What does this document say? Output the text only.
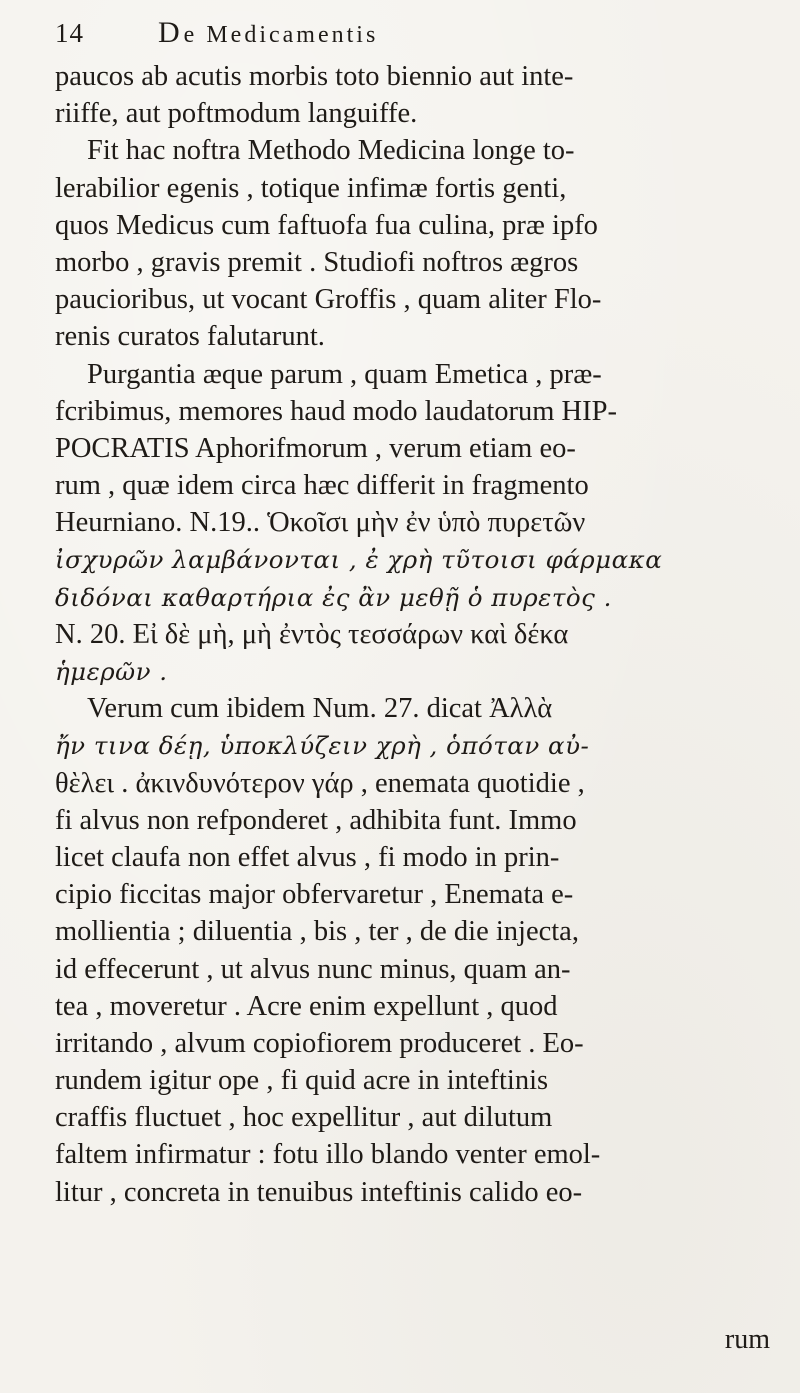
14 De Medicamentis
paucos ab acutis morbis toto biennio aut inte-
riiffe, aut poftmodum languiffe.
Fit hac noftra Methodo Medicina longe to-
lerabilior egenis , totique infimæ fortis genti,
quos Medicus cum faftuofa fua culina, præ ipfo
morbo , gravis premit . Studiofi noftros ægros
paucioribus, ut vocant Groffis , quam aliter Flo-
renis curatos falutarunt.
Purgantia æque parum , quam Emetica , præ-
fcribimus, memores haud modo laudatorum HIP-
POCRATIS Aphorifmorum , verum etiam eo-
rum , quæ idem circa hæc differit in fragmento
Heurniano. N.19.. Ὁκοῖσι μὴν ἐν ὑπὸ πυρετῶν
ἰσχυρῶν λαμβάνονται , ἐ χρὴ τῦτοισι φάρμακα
διδόναι καθαρτήρια ἐς ἂν μεθῇ ὁ πυρετὸς .
N. 20. Εἰ δὲ μὴ, μὴ ἐντὸς τεσσάρων καὶ δέκα
ἡμερῶν .
Verum cum ibidem Num. 27. dicat Ἀλλὰ
ἤν τινα δέῃ, ὑποκλύζειν χρὴ , ὁπόταν αὐ-
θὲλει . ἀκινδυνότερον γάρ , enemata quotidie ,
fi alvus non refponderet , adhibita funt. Immo
licet claufa non effet alvus , fi modo in prin-
cipio ficcitas major obfervaretur , Enemata e-
mollientia ; diluentia , bis , ter , de die injecta,
id effecerunt , ut alvus nunc minus, quam an-
tea , moveretur . Acre enim expellunt , quod
irritando , alvum copiofiorem produceret . Eo-
rundem igitur ope , fi quid acre in inteftinis
craffis fluctuet , hoc expellitur , aut dilutum
faltem infirmatur : fotu illo blando venter emol-
litur , concreta in tenuibus inteftinis calido eo-
rum
